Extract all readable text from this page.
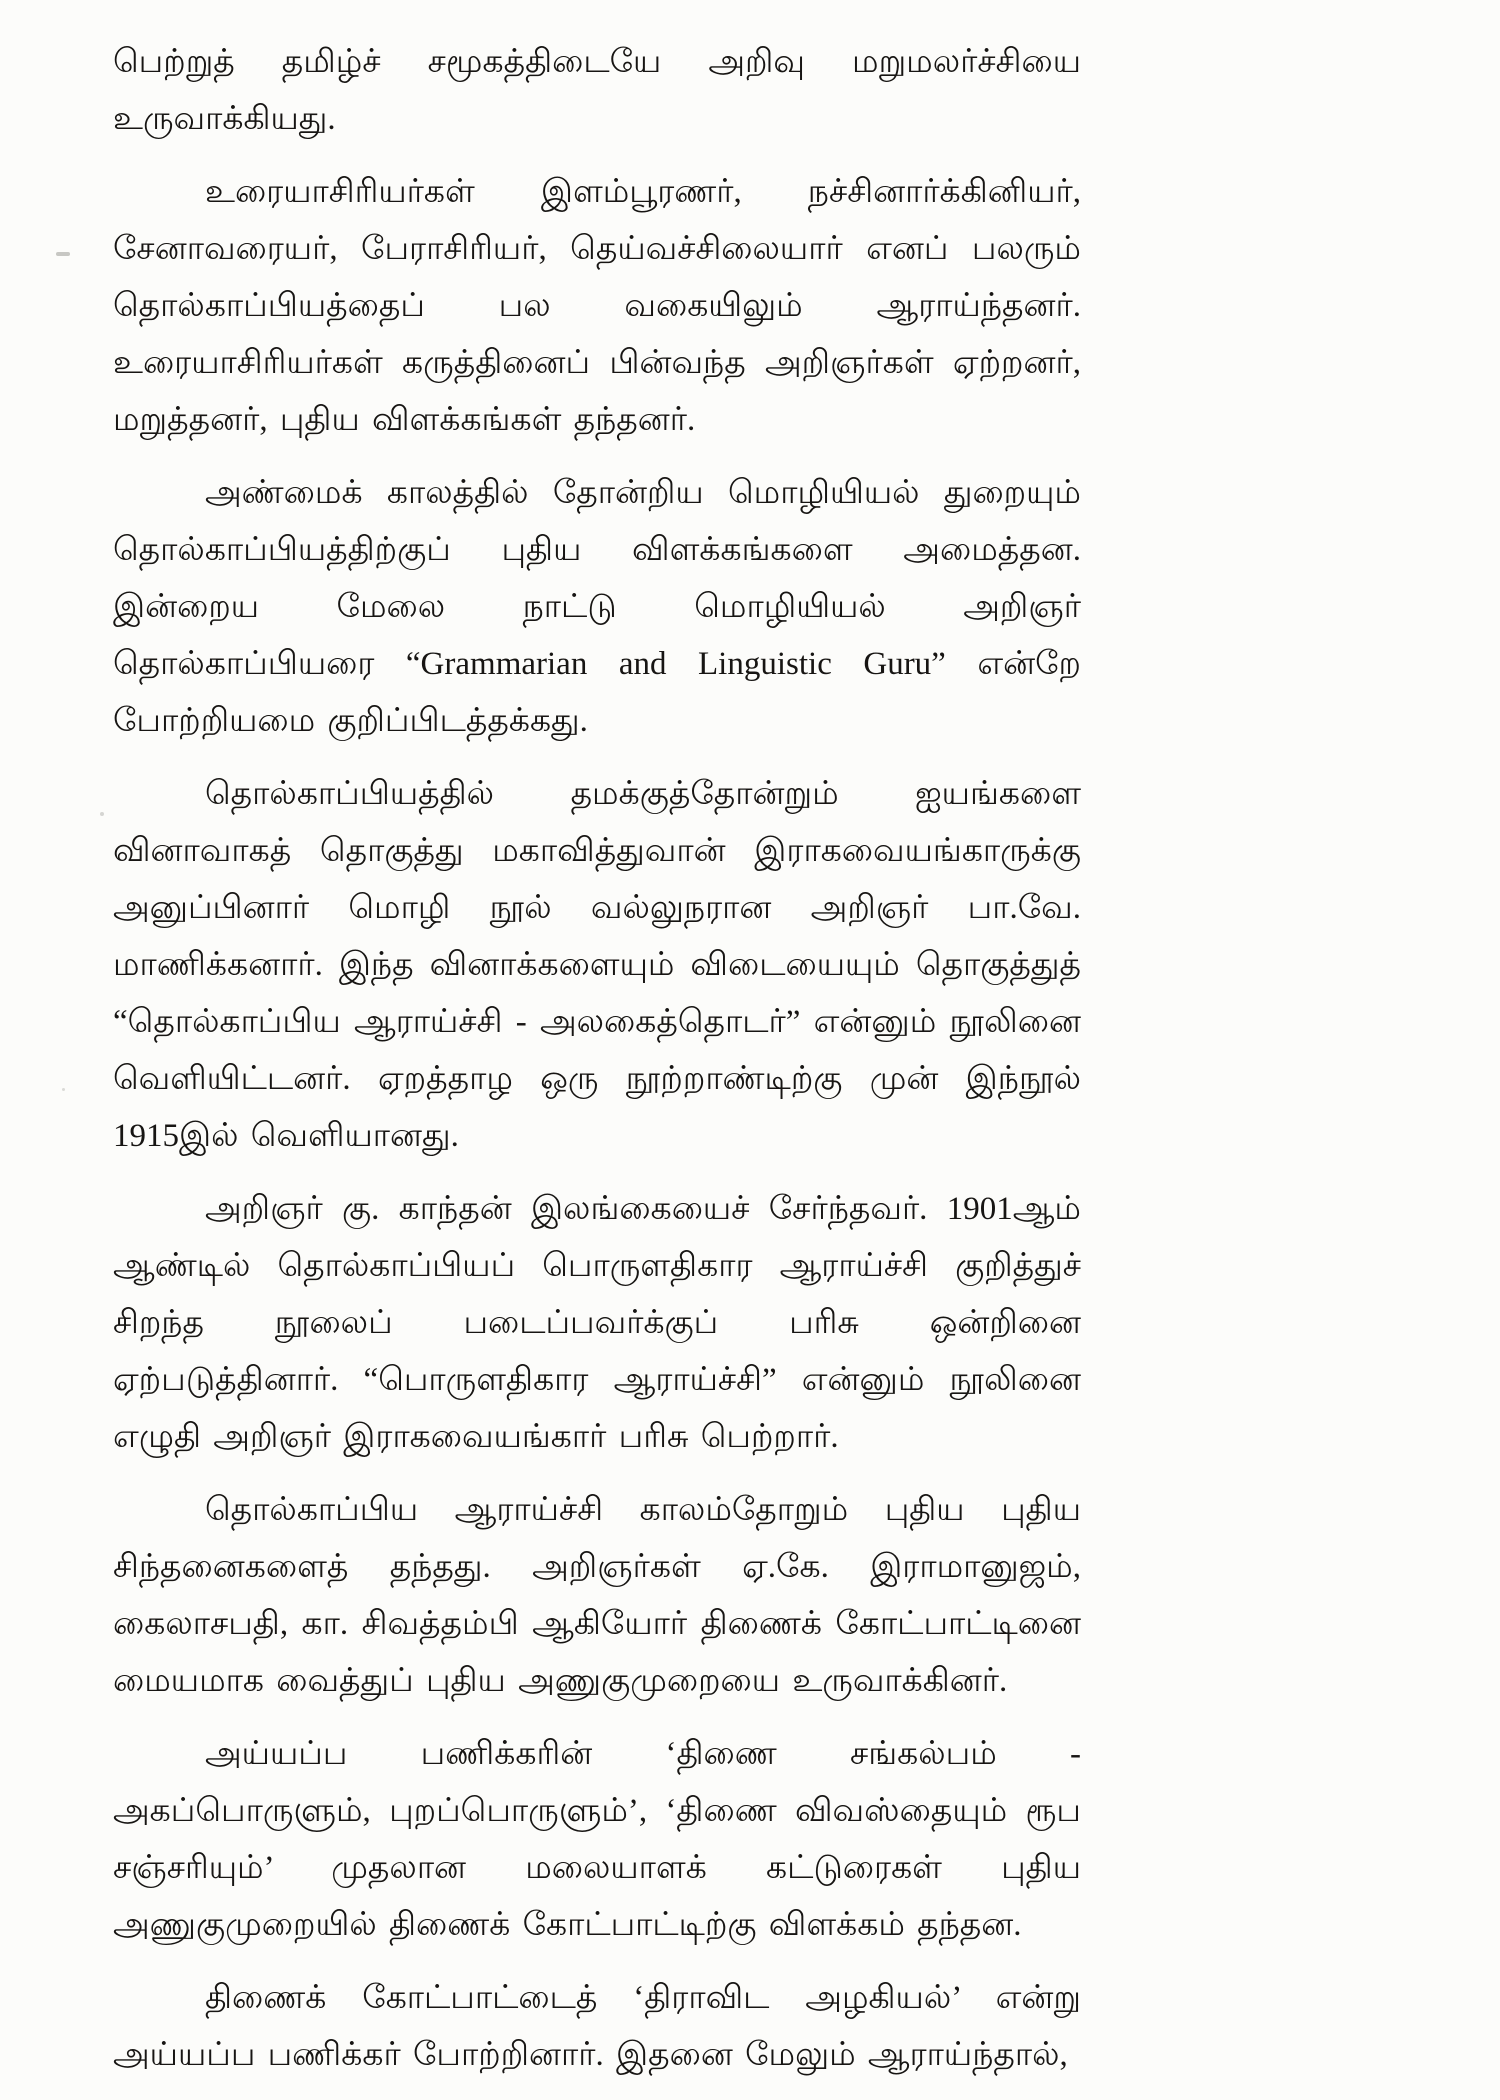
பெற்றுத் தமிழ்ச் சமூகத்திடையே அறிவு மறுமலர்ச்சியை உருவாக்கியது.

உரையாசிரியர்கள் இளம்பூரணர், நச்சினார்க்கினியர், சேனாவரையர், பேராசிரியர், தெய்வச்சிலையார் எனப் பலரும் தொல்காப்பியத்தைப் பல வகையிலும் ஆராய்ந்தனர். உரையாசிரியர்கள் கருத்தினைப் பின்வந்த அறிஞர்கள் ஏற்றனர், மறுத்தனர், புதிய விளக்கங்கள் தந்தனர்.

அண்மைக் காலத்தில் தோன்றிய மொழியியல் துறையும் தொல்காப்பியத்திற்குப் புதிய விளக்கங்களை அமைத்தன. இன்றைய மேலை நாட்டு மொழியியல் அறிஞர் தொல்காப்பியரை “Grammarian and Linguistic Guru” என்றே போற்றியமை குறிப்பிடத்தக்கது.

தொல்காப்பியத்தில் தமக்குத்தோன்றும் ஐயங்களை வினாவாகத் தொகுத்து மகாவித்துவான் இராகவையங்காருக்கு அனுப்பினார் மொழி நூல் வல்லுநரான அறிஞர் பா.வே. மாணிக்கனார். இந்த வினாக்களையும் விடையையும் தொகுத்துத் “தொல்காப்பிய ஆராய்ச்சி - அலகைத்தொடர்” என்னும் நூலினை வெளியிட்டனர். ஏறத்தாழ ஒரு நூற்றாண்டிற்கு முன் இந்நூல் 1915இல் வெளியானது.

அறிஞர் கு. காந்தன் இலங்கையைச் சேர்ந்தவர். 1901ஆம் ஆண்டில் தொல்காப்பியப் பொருளதிகார ஆராய்ச்சி குறித்துச் சிறந்த நூலைப் படைப்பவர்க்குப் பரிசு ஒன்றினை ஏற்படுத்தினார். “பொருளதிகார ஆராய்ச்சி” என்னும் நூலினை எழுதி அறிஞர் இராகவையங்கார் பரிசு பெற்றார்.

தொல்காப்பிய ஆராய்ச்சி காலம்தோறும் புதிய புதிய சிந்தனைகளைத் தந்தது. அறிஞர்கள் ஏ.கே. இராமானுஜம், கைலாசபதி, கா. சிவத்தம்பி ஆகியோர் திணைக் கோட்பாட்டினை மையமாக வைத்துப் புதிய அணுகுமுறையை உருவாக்கினர்.

அய்யப்ப பணிக்கரின் ‘திணை சங்கல்பம் - அகப்பொருளும், புறப்பொருளும்’, ‘திணை விவஸ்தையும் ரூப சஞ்சரியும்’ முதலான மலையாளக் கட்டுரைகள் புதிய அணுகுமுறையில் திணைக் கோட்பாட்டிற்கு விளக்கம் தந்தன.

திணைக் கோட்பாட்டைத் ‘திராவிட அழகியல்’ என்று அய்யப்ப பணிக்கர் போற்றினார். இதனை மேலும் ஆராய்ந்தால்,
